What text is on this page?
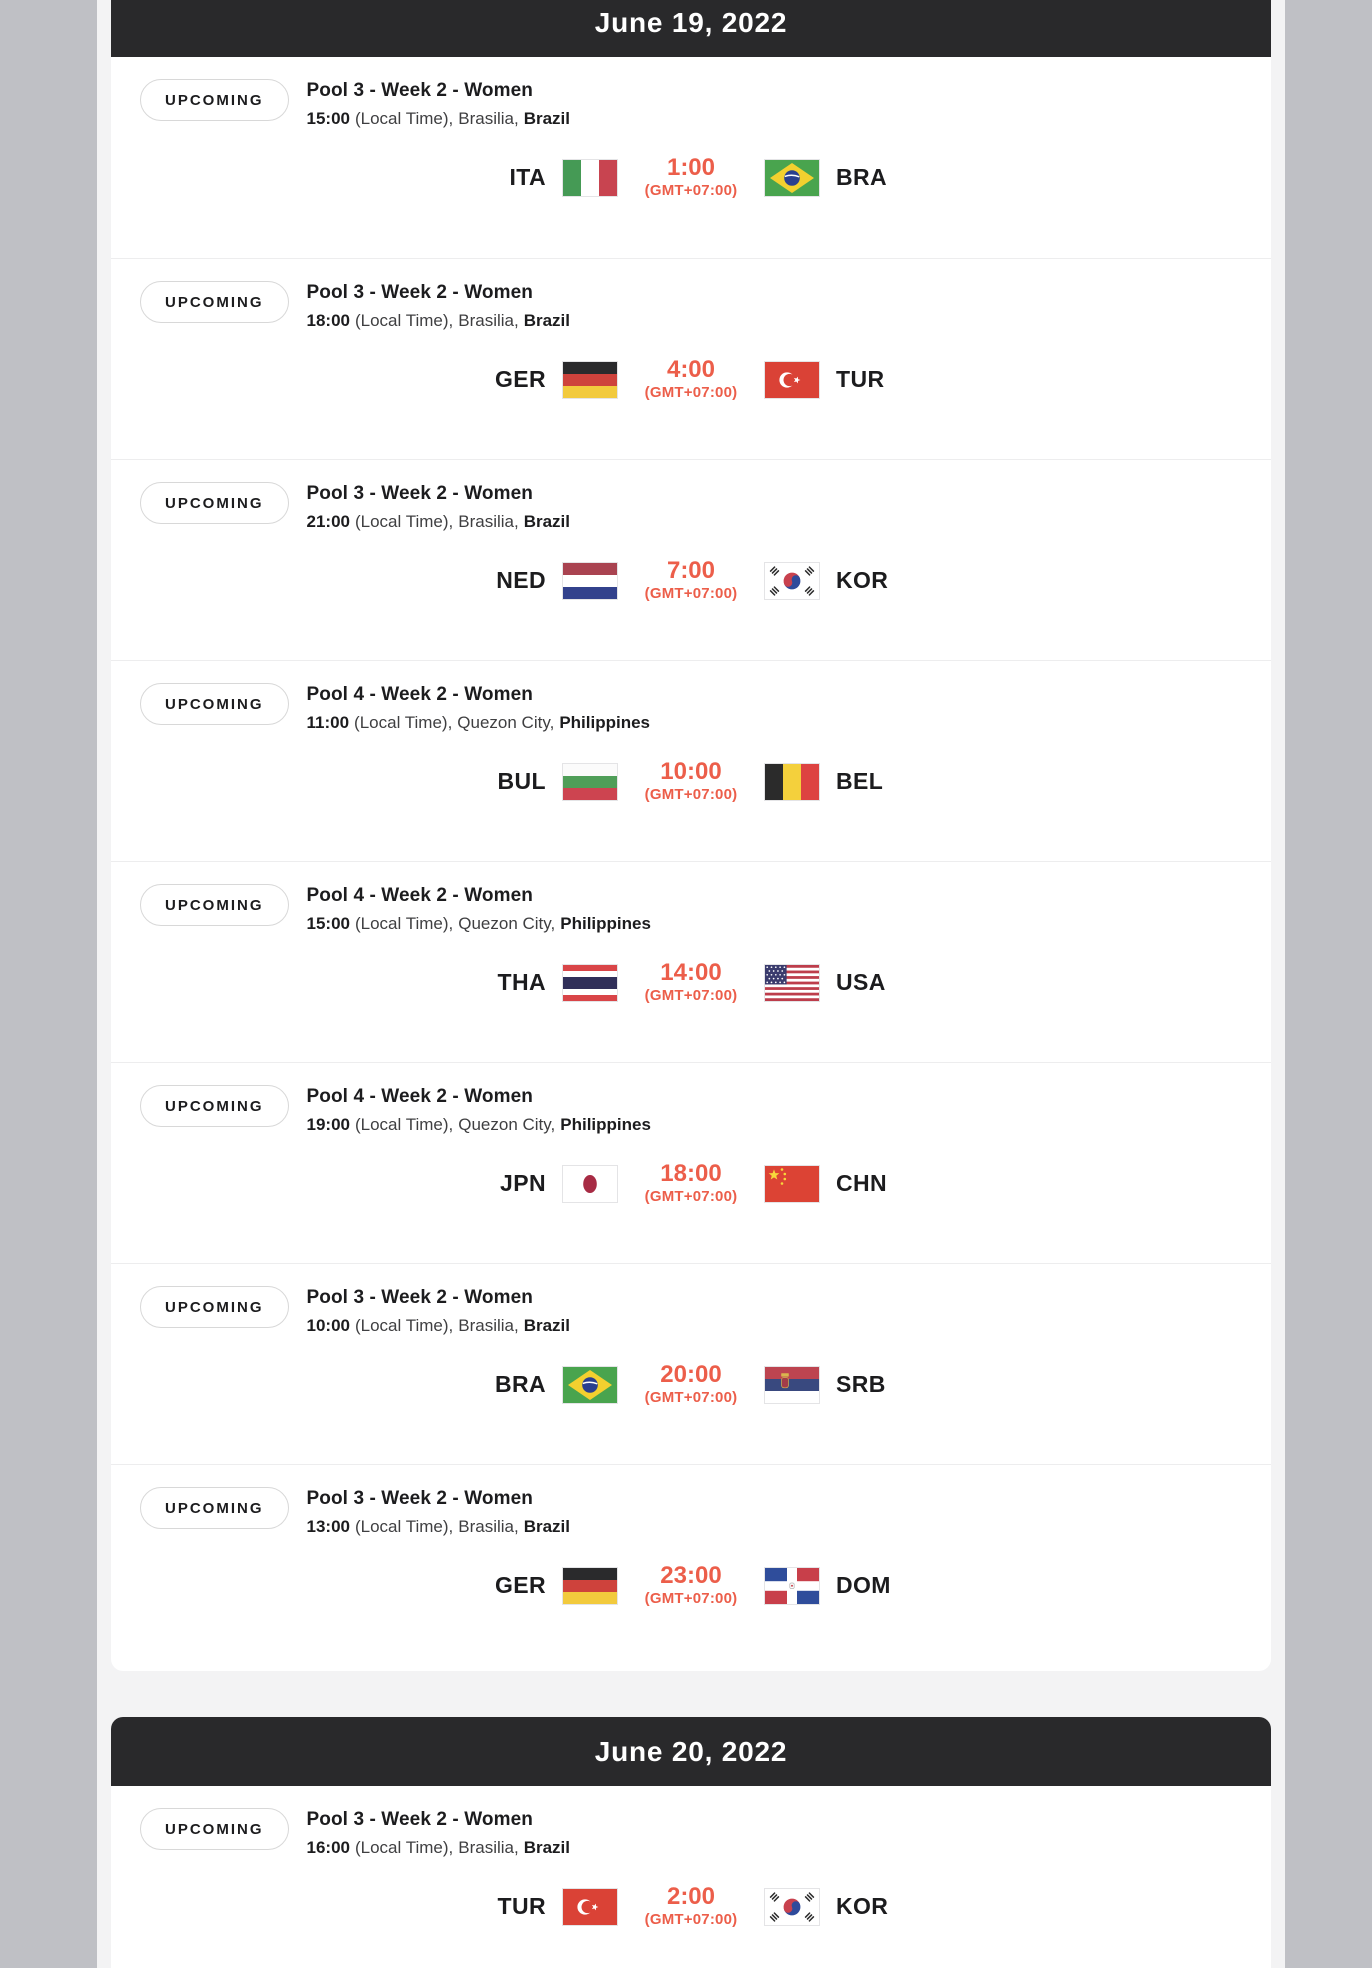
June 19, 2022
UPCOMING Pool 3 - Week 2 - Women
15:00 (Local Time), Brasilia, Brazil
ITA	1:00
(GMT+07:00)
BRA
UPCOMING Pool 3 - Week 2 - Women
18:00 (Local Time), Brasilia, Brazil
GER	4:00
(GMT+07:00)
TUR
UPCOMING Pool 3 - Week 2 - Women
21:00 (Local Time), Brasilia, Brazil
NED	7:00
(GMT+07:00)
KOR
UPCOMING Pool 4 - Week 2 - Women
11:00 (Local Time), Quezon City, Philippines
BUL	10:00
(GMT+07:00)
BEL
UPCOMING Pool 4 - Week 2 - Women
15:00 (Local Time), Quezon City, Philippines
THA	14:00
(GMT+07:00)
USA
UPCOMING Pool 4 - Week 2 - Women
19:00 (Local Time), Quezon City, Philippines
JPN	18:00
(GMT+07:00)
CHN
UPCOMING Pool 3 - Week 2 - Women
10:00 (Local Time), Brasilia, Brazil
BRA	20:00
(GMT+07:00)
SRB
UPCOMING Pool 3 - Week 2 - Women
13:00 (Local Time), Brasilia, Brazil
GER	23:00
(GMT+07:00)
DOM
June 20, 2022
UPCOMING Pool 3 - Week 2 - Women
16:00 (Local Time), Brasilia, Brazil
TUR	2:00
(GMT+07:00)
KOR
